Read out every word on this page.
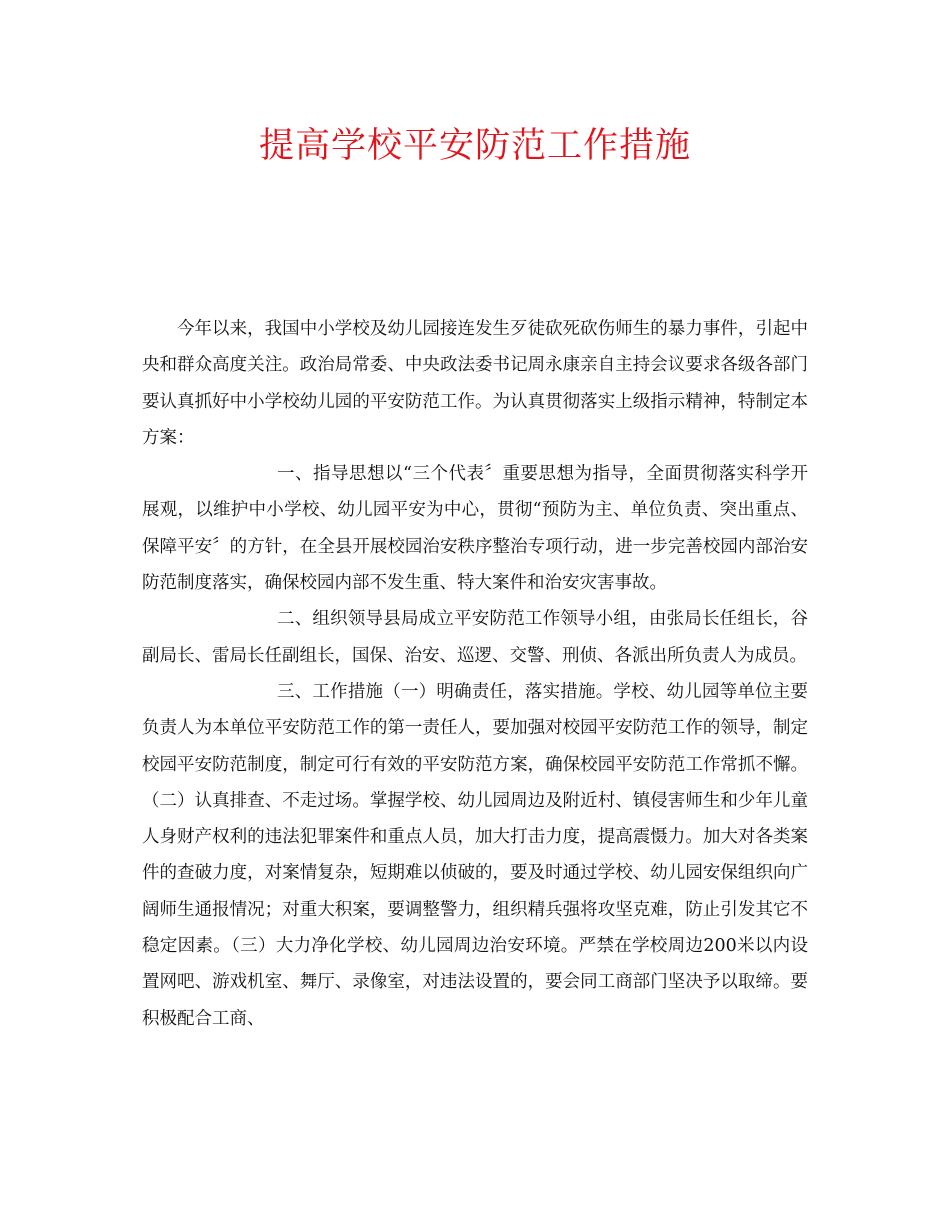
提高学校平安防范工作措施

今年以来，我国中小学校及幼儿园接连发生歹徒砍死砍伤师生的暴力事件，引起中央和群众高度关注。政治局常委、中央政法委书记周永康亲自主持会议要求各级各部门要认真抓好中小学校幼儿园的平安防范工作。为认真贯彻落实上级指示精神，特制定本方案：

一、指导思想以“三个代表〞重要思想为指导，全面贯彻落实科学开展观，以维护中小学校、幼儿园平安为中心，贯彻“预防为主、单位负责、突出重点、保障平安〞的方针，在全县开展校园治安秩序整治专项行动，进一步完善校园内部治安防范制度落实，确保校园内部不发生重、特大案件和治安灾害事故。

二、组织领导县局成立平安防范工作领导小组，由张局长任组长，谷副局长、雷局长任副组长，国保、治安、巡逻、交警、刑侦、各派出所负责人为成员。

三、工作措施（一）明确责任，落实措施。学校、幼儿园等单位主要负责人为本单位平安防范工作的第一责任人，要加强对校园平安防范工作的领导，制定校园平安防范制度，制定可行有效的平安防范方案，确保校园平安防范工作常抓不懈。（二）认真排查、不走过场。掌握学校、幼儿园周边及附近村、镇侵害师生和少年儿童人身财产权利的违法犯罪案件和重点人员，加大打击力度，提高震慑力。加大对各类案件的查破力度，对案情复杂，短期难以侦破的，要及时通过学校、幼儿园安保组织向广阔师生通报情况；对重大积案，要调整警力，组织精兵强将攻坚克难，防止引发其它不稳定因素。（三）大力净化学校、幼儿园周边治安环境。严禁在学校周边200米以内设置网吧、游戏机室、舞厅、录像室，对违法设置的，要会同工商部门坚决予以取缔。要积极配合工商、
